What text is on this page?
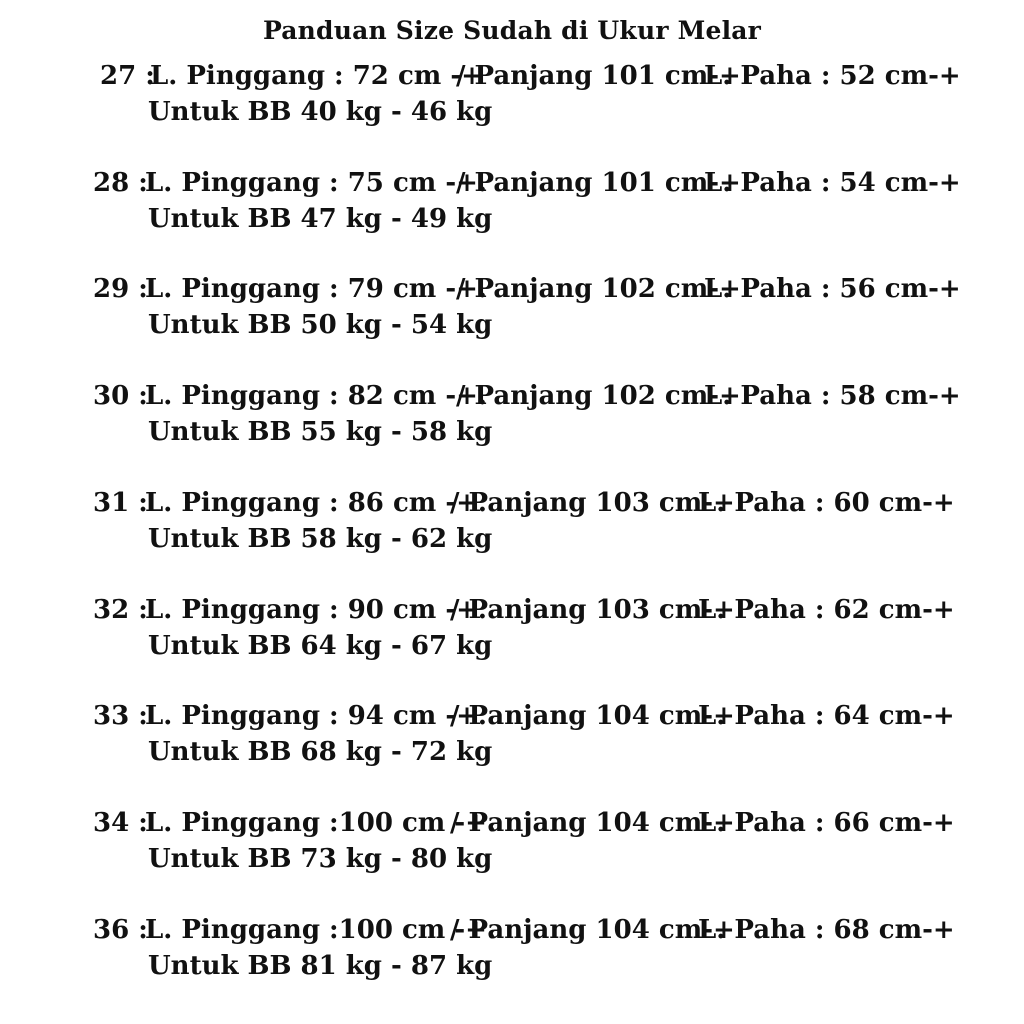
Panduan Size Sudah di Ukur Melar
27 :
L. Pinggang : 72 cm -+
/ Panjang 101 cm-+
L. Paha : 52 cm-+
Untuk BB 40 kg - 46 kg
28 :
L. Pinggang : 75 cm -+.
/ Panjang 101 cm-+
L. Paha : 54 cm-+
Untuk BB 47 kg - 49 kg
29 :
L. Pinggang : 79 cm -+.
/ Panjang 102 cm-+
L. Paha : 56 cm-+
Untuk BB 50 kg - 54 kg
30 :
L. Pinggang : 82 cm -+.
/ Panjang 102 cm-+
L. Paha : 58 cm-+
Untuk BB 55 kg - 58 kg
31 :
L. Pinggang : 86 cm -+.
/ Panjang 103 cm-+
L. Paha : 60 cm-+
Untuk BB 58 kg - 62 kg
32 :
L. Pinggang : 90 cm -+.
/ Panjang 103 cm-+
L. Paha : 62 cm-+
Untuk BB 64 kg - 67 kg
33 :
L. Pinggang : 94 cm -+.
/ Panjang 104 cm-+
L. Paha : 64 cm-+
Untuk BB 68 kg - 72 kg
34 :
L. Pinggang :100 cm -+.
/ Panjang 104 cm-+
L. Paha : 66 cm-+
Untuk BB 73 kg - 80 kg
36 :
L. Pinggang :100 cm -+.
/ Panjang 104 cm-+
L. Paha : 68 cm-+
Untuk BB 81 kg - 87 kg
